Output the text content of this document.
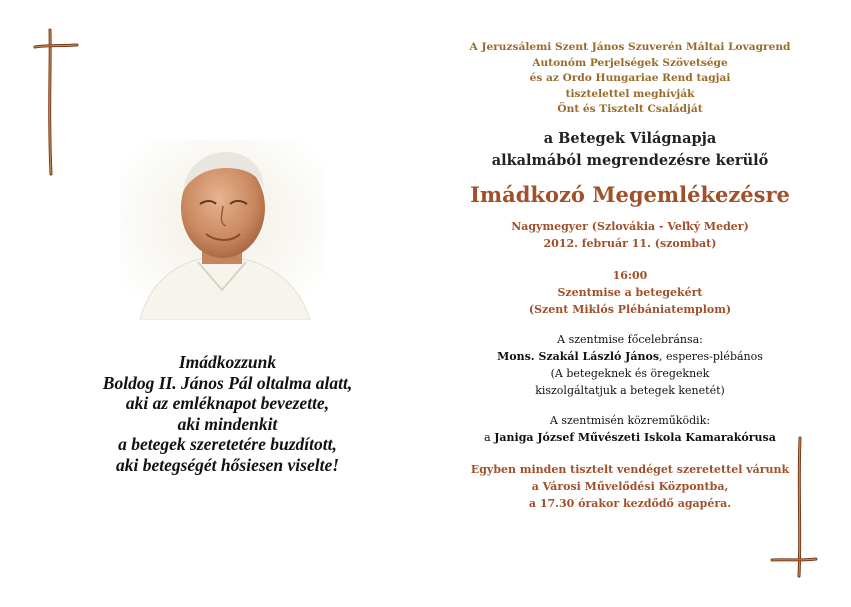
Imádkozzunk
Boldog II. János Pál oltalma alatt,
aki az emléknapot bevezette,
aki mindenkit
a betegek szeretetére buzdított,
aki betegségét hősiesen viselte!
A Jeruzsálemi Szent János Szuverén Máltai Lovagrend
Autonóm Perjelségek Szövetsége
és az Ordo Hungariae Rend tagjai
tisztelettel meghívják
Önt és Tisztelt Családját
a Betegek Világnapja
alkalmából megrendezésre kerülő
Imádkozó Megemlékezésre
Nagymegyer (Szlovákia - Veľký Meder)
2012. február 11. (szombat)
16:00
Szentmise a betegekért
(Szent Miklós Plébániatemplom)
A szentmise főcelebránsa:
Mons. Szakál László János, esperes-plébános
(A betegeknek és öregeknek
kiszolgáltatjuk a betegek kenetét)
A szentmisén közreműködik:
a Janiga József Művészeti Iskola Kamarakórusa
Egyben minden tisztelt vendéget szeretettel várunk
a Városi Művelődési Központba,
a 17.30 órakor kezdődő agapéra.
